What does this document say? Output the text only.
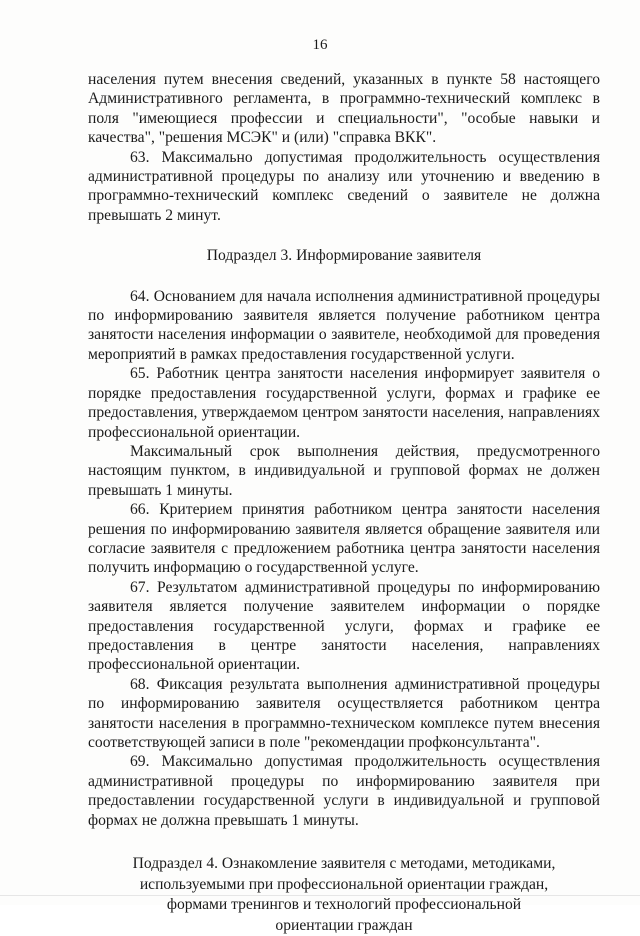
16

населения путем внесения сведений, указанных в пункте 58 настоящего Административного регламента, в программно-технический комплекс в поля "имеющиеся профессии и специальности", "особые навыки и качества", "решения МСЭК" и (или) "справка ВКК".

63. Максимально допустимая продолжительность осуществления административной процедуры по анализу или уточнению и введению в программно-технический комплекс сведений о заявителе не должна превышать 2 минут.

Подраздел 3. Информирование заявителя

64. Основанием для начала исполнения административной процедуры по информированию заявителя является получение работником центра занятости населения информации о заявителе, необходимой для проведения мероприятий в рамках предоставления государственной услуги.

65. Работник центра занятости населения информирует заявителя о порядке предоставления государственной услуги, формах и графике ее предоставления, утверждаемом центром занятости населения, направлениях профессиональной ориентации.

Максимальный срок выполнения действия, предусмотренного настоящим пунктом, в индивидуальной и групповой формах не должен превышать 1 минуты.

66. Критерием принятия работником центра занятости населения решения по информированию заявителя является обращение заявителя или согласие заявителя с предложением работника центра занятости населения получить информацию о государственной услуге.

67. Результатом административной процедуры по информированию заявителя является получение заявителем информации о порядке предоставления государственной услуги, формах и графике ее предоставления в центре занятости населения, направлениях профессиональной ориентации.

68. Фиксация результата выполнения административной процедуры по информированию заявителя осуществляется работником центра занятости населения в программно-техническом комплексе путем внесения соответствующей записи в поле "рекомендации профконсультанта".

69. Максимально допустимая продолжительность осуществления административной процедуры по информированию заявителя при предоставлении государственной услуги в индивидуальной и групповой формах не должна превышать 1 минуты.

Подраздел 4. Ознакомление заявителя с методами, методиками,
используемыми при профессиональной ориентации граждан,
формами тренингов и технологий профессиональной
ориентации граждан
